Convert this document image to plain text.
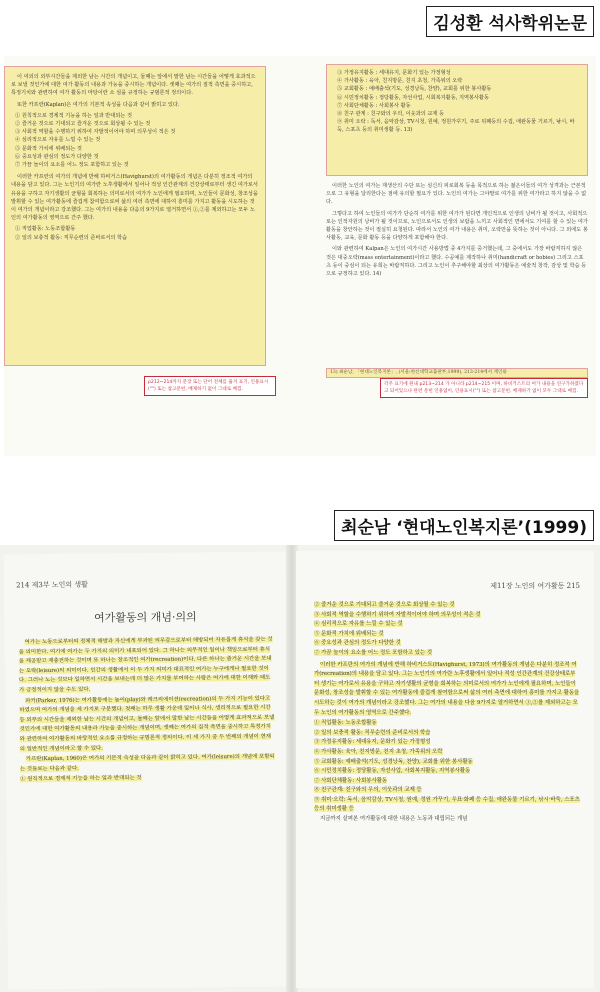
김성환 석사학위논문

이 여외의 외부시간들을 제외한 남는 시간의 개념이고, 둘째는 앞에서 말한 남는 시간들을 어떻게 효과적으로 보낼 것인가에 대한 여가 활동의 내용과 가능을 중시하는 개념이다. 셋째는 여가의 질적 측면을 중시하고, 특정기치와 관련하여 여가 활동의 마탕이란 소 심을 규정하는 규범론적 정의이다.

또한 카프란(Kaplan)은 여가의 기본적 속성을 다음과 같이 밝히고 있다.

① 원칙적으로 경제적 기능을 하는 일과 반대되는 것

② 즐거운 것으로 기대되고 즐겨운 것으로 회상될 수 있는 것

③ 사회적 역할을 수행하기 위하여 자발적이어야 하며 의무성이 적은 것

④ 심리적으로 자유를 느낄 수 있는 것

⑤ 문화적 가치에 위배되는 것

⑥ 중요성과 관심의 정도가 다양한 것

⑦ 가끔 놀이의 요소를 어느 정도 포함하고 있는 것

이러한 카프란의 여가의 개념에 반해 하비거스(Havighurst)의 여가활동의 개념은 다분히 정조적 여가의 내용을 담고 있다. 그는 노인기의 여가란 노후생활에서 일어나 적성 인간관계의 건강상태로부터 생긴 여가로서 유용을 구하고 자기생활의 균형을 회복하는 의미로서의 여가가 노인에게 필요하며, 노인들이 문화성, 창조성을 발휘할 수 있는 여가활동에 즐겁게 참여함으로써 삶의 여러 측면에 대하여 흥미를 가지고 활동을 시도하는 것이 여가의 개념이라고 강조했다. 그는 여가의 내용을 다음의 9가지로 열거하면서 ①,②를 제외하고는 모두 노인의 여가활동의 영역으로 간주 했다.

① 직업활동: 노동조합활동

② 일의 보충적 활동: 직무순련의 준비로서의 학습

p212~214까지 문장 또는 단어 전체를 옮겨 표기, 인용표시("") 또는 참고문헌, 배제하기 없이 그대로 베낌.

③ 가정유지활동 : 세대유지, 문화기 있는 가정형성

④ 가사활동 : 육아, 친지방문, 친지 초청, 가족위의 오락

⑤ 교회활동 : 예배출석(기도, 성경낭독, 찬양), 교회를 위한 봉사활동

⑥ 시민정치활동 : 정당활동, 자선사업, 시회복지활동, 지역봉사활동

⑦ 사회단체활동 : 사회봉사 활동

⑧ 친구 관계 : 친구와의 우의, 이웃과의 교제 등

⑨ 취미 오락 : 독서, 음악감상, TV시청, 원예, 정원가꾸기, 주로 뒤째등의 수집, 애완동물 기르기, 낚시, 바둑, 스포츠 등의 취미생활 등. 13)

이러한 노인의 여가는 재생산의 수단 또는 심신의 피로회복 등을 목적으로 하는 젊은이들의 여가 성격과는 근본적으로 그 유형을 달리한다는 점에 유의할 필요가 있다. 노인의 여가는 그야말로 여가를 위한 여가라고 하지 않을 수 없다.

그렇다고 하여 노인들의 여가가 단순히 여가를 위한 여가가 된다면 개인적으로 인생의 낭비가 될 것이고, 사회적으로는 인적자원의 낭비가 될 것이므로, 노인으로서도 인생의 보람을 느끼고 사회적인 면에서도 기여를 할 수 있는 여가활동을 창안하는 것이 절실히 요청된다. 따라서 노인의 여가 내용은 취미, 오락만을 뜻하는 것이 아니다. 그 외에도 봉사활동, 교육, 문화 활동 등을 다양하게 포함해야 한다.

이와 관련하여 Kalpan은 노인의 여가시간 사용방법 중 4가지를 중거했는데, 그 중에서도 가장 바람직하지 않은 것은 대중오락(mass entertainment)이라고 했다. 수공예를 제작하나 취미(handicraft or hobies) 그리고 스포츠 등이 중심이 되는 유희는 바람직하다. 그리고 노인이 추구해야할 최상의 여가활동은 예술적 창작, 감상 및 학습 등으로 규정하고 있다. 14)

13) 최순남, 「현대노인복지론」, (서울:한신대학교출판부,1999), 213-214에서 재인용
각주 표기에 원내 p213~214 가 아니라 p214~215 이며, 하비거스트의 여가 내용을 연구가하였다고 되어있으나 관련 문헌 인용없이, 인용표시("") 또는 참고문헌, 배제하기 없이 모두 그대로 베낌.
최순남 ‘현대노인복지론’(1999)
214 제3부 노인의 생활
여가활동의 개념·의의

여가는 노동으로부터의 정체적 해방과 자신에게 부과된 의무감으로부터 해방되어 자유롭게 휴식을 갖는 것을 의미한다. 여기에 여가는 두 가지의 의미가 내포되어 있다. 그 하나는 의무적인 일이나 책임으로부터 휴식을 제공받고 재충전하는 것이며 또 하나는 창조적인 여가(recreation)이다. 다른 하나는 즐거운 시간을 보내는 오락(leisure)의 의미이다. 인간의 생활에서 이 두 가지 의미가 대표적인 여가는 누구에게나 필요한 것이다. 그러나 노는 것보다 일하면서 시간을 보내는데 더 많은 가치를 부여하는 사람은 여가에 대한 이해와 태도가 긍정적이지 않을 수도 있다.

파커(Parker, 1976)는 여가활동에는 놀이(play)와 레크리에이션(recreation)의 두 가지 기능이 있다고 하였으며 여가의 개념을 세 가지로 구분했다. 첫째는 하루 생활 가운데 일이나 식사, 생리적으로 필요한 시간 등 외부의 시간들을 제외한 남는 시간의 개념이고, 둘째는 앞에서 말한 남는 시간들을 어떻게 효과적으로 보낼 것인가에 대한 여가활동의 내용과 가능을 중시하는 개념이며, 셋째는 여가의 질적 측면을 중시하고 특정가치와 관련하여 여가활동의 바탕적인 요소를 규정하는 규범론적 정의이다. 이 세 가지 중 두 번째의 개념이 현재의 일반적인 개념이라고 할 수 있다.

카프란(Kaplan, 1960)은 여가의 기본적 속성을 다음과 같이 밝히고 있다. 여가(leisure)의 개념에 포함되는 것들로는 다음과 같다.

① 원칙적으로 경제적 기능을 하는 일과 반대되는 것

제11장 노인의 여가활동 215

② 즐거운 것으로 기대되고 즐거운 것으로 회상될 수 있는 것

③ 사회적 역할을 수행하기 위하여 자발적이어야 하며 의무성이 적은 것

④ 심리적으로 자유를 느낄 수 있는 것

⑤ 문화적 가치에 위배되는 것

⑥ 중요성과 관심의 정도가 다양한 것

⑦ 가끔 놀이의 요소를 어느 정도 포함하고 있는 것

이러한 카프란의 여가의 개념에 반해 하비거스트(Havighurst, 1973)의 여가활동의 개념은 다분히 정조적 여가(recreation)의 내용을 담고 있다. 그는 노인기의 여가란 노후생활에서 일어나 적성 인간관계의 건강상태로부터 생기는 여가로서 유용을 구하고 자기생활의 균형을 회복하는 의미로서의 여가가 노인에게 필요하며, 노인들이 문화성, 창조성을 발휘할 수 있는 여가활동에 즐겁게 참여함으로써 삶의 여러 측면에 대하여 흥미를 가지고 활동을 시도하는 것이 여가의 개념이라고 강조했다. 그는 여가의 내용을 다음 9가지로 열거하면서 ①,②를 제외하고는 모두 노인의 여가활동의 영역으로 간주했다.

① 직업활동: 노동조합활동

② 일의 보충적 활동: 직무순련의 준비로서의 학습

③ 가정유지활동: 세대유지, 문화기 있는 가정형성

④ 가사활동: 육아, 친지방문, 친지 초청, 가족위의 오락

⑤ 교회활동: 예배출석(기도, 성경낭독, 찬양), 교회를 위한 봉사활동

⑥ 시민정치활동: 정당활동, 자선사업, 사회복지활동, 지역봉사활동

⑦ 사회단체활동: 사회봉사활동

⑧ 친구관계: 친구와의 우의, 이웃과의 교제 등

⑨ 취미·오락: 독서, 음악감상, TV시청, 원예, 정원 가꾸기, 우표·화폐 등 수집, 애완동물 기르기, 낚시·바둑, 스포츠 등의 취미생활 등

지금까지 살펴본 여가활동에 대한 내용은 노동과 대립되는 개념
